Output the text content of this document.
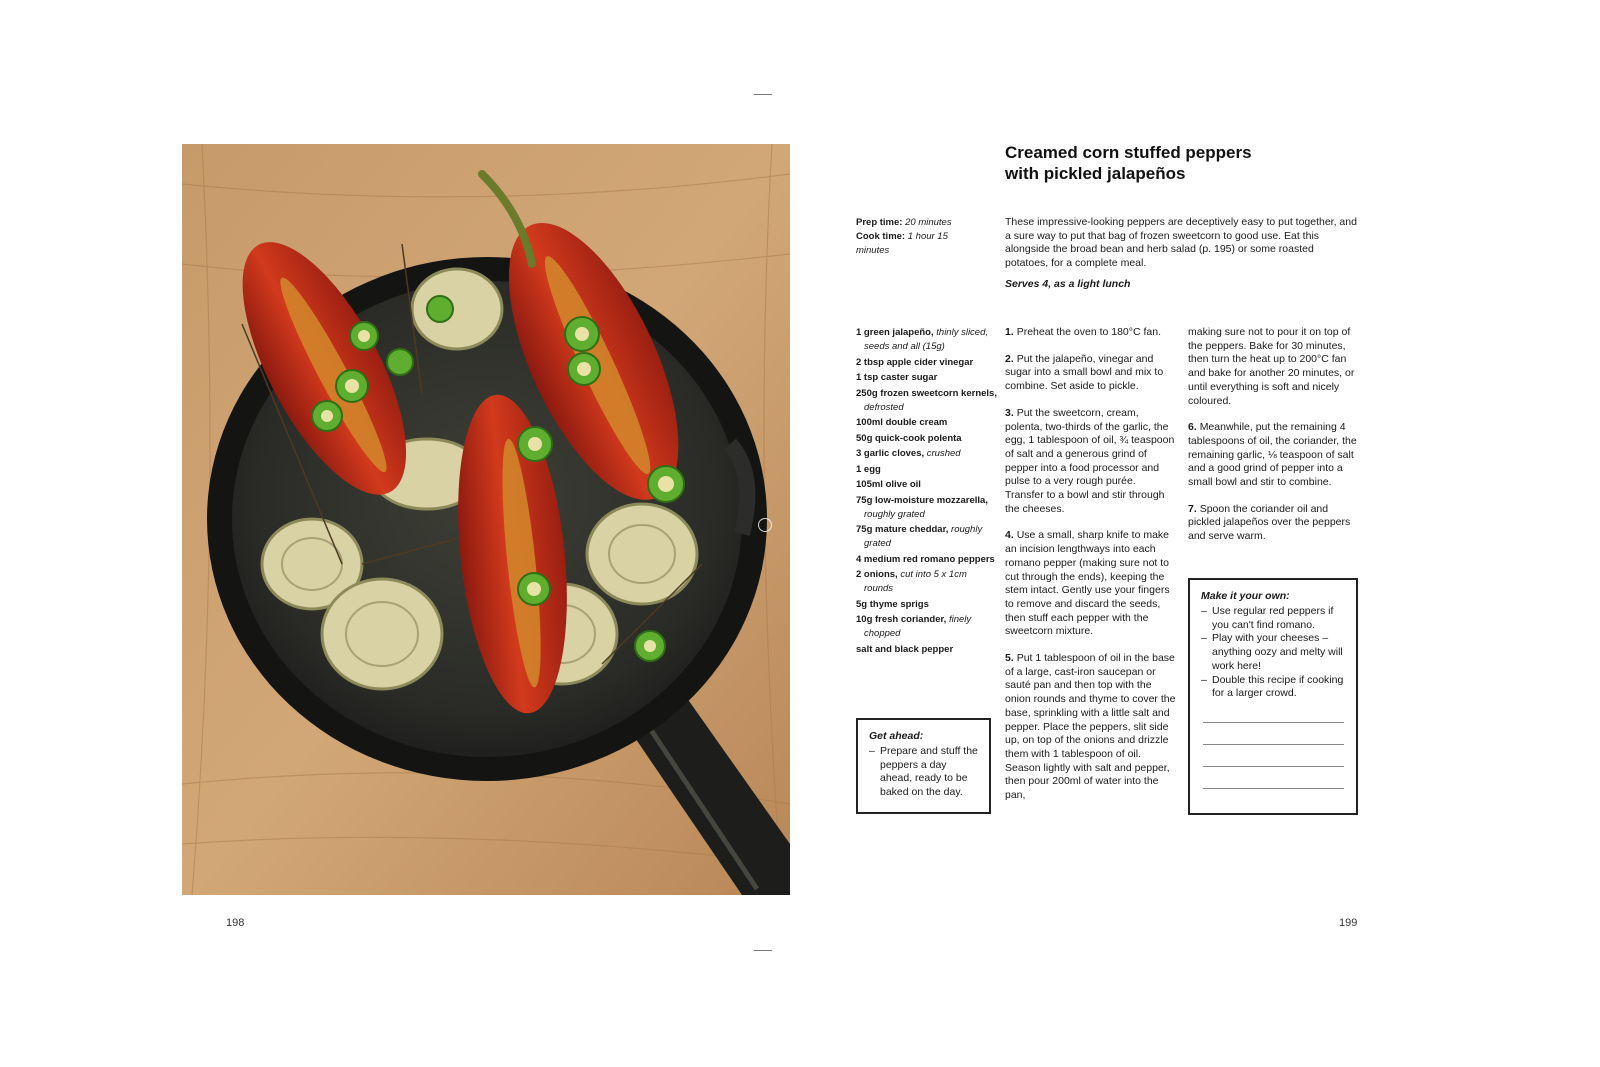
198	199
Creamed corn stuffed peppers
with pickled jalapeños
Prep time: 20 minutes
Cook time: 1 hour 15 minutes
These impressive-looking peppers are deceptively easy to put together, and a sure way to put that bag of frozen sweetcorn to good use. Eat this alongside the broad bean and herb salad (p. 195) or some roasted potatoes, for a complete meal.
Serves 4, as a light lunch
1 green jalapeño, thinly sliced, seeds and all (15g)
2 tbsp apple cider vinegar
1 tsp caster sugar
250g frozen sweetcorn kernels, defrosted
100ml double cream
50g quick-cook polenta
3 garlic cloves, crushed
1 egg
105ml olive oil
75g low-moisture mozzarella, roughly grated
75g mature cheddar, roughly grated
4 medium red romano peppers
2 onions, cut into 5 x 1cm rounds
5g thyme sprigs
10g fresh coriander, finely chopped
salt and black pepper
1. Preheat the oven to 180°C fan.
2. Put the jalapeño, vinegar and sugar into a small bowl and mix to combine. Set aside to pickle.
3. Put the sweetcorn, cream, polenta, two-thirds of the garlic, the egg, 1 tablespoon of oil, ¾ teaspoon of salt and a generous grind of pepper into a food processor and pulse to a very rough purée. Transfer to a bowl and stir through the cheeses.
4. Use a small, sharp knife to make an incision lengthways into each romano pepper (making sure not to cut through the ends), keeping the stem intact. Gently use your fingers to remove and discard the seeds, then stuff each pepper with the sweetcorn mixture.
5. Put 1 tablespoon of oil in the base of a large, cast-iron saucepan or sauté pan and then top with the onion rounds and thyme to cover the base, sprinkling with a little salt and pepper. Place the peppers, slit side up, on top of the onions and drizzle them with 1 tablespoon of oil. Season lightly with salt and pepper, then pour 200ml of water into the pan,
making sure not to pour it on top of the peppers. Bake for 30 minutes, then turn the heat up to 200°C fan and bake for another 20 minutes, or until everything is soft and nicely coloured.
6. Meanwhile, put the remaining 4 tablespoons of oil, the coriander, the remaining garlic, ⅛ teaspoon of salt and a good grind of pepper into a small bowl and stir to combine.
7. Spoon the coriander oil and pickled jalapeños over the peppers and serve warm.
Get ahead:
– Prepare and stuff the peppers a day ahead, ready to be baked on the day.
Make it your own:
– Use regular red peppers if you can't find romano.
– Play with your cheeses – anything oozy and melty will work here!
– Double this recipe if cooking for a larger crowd.
